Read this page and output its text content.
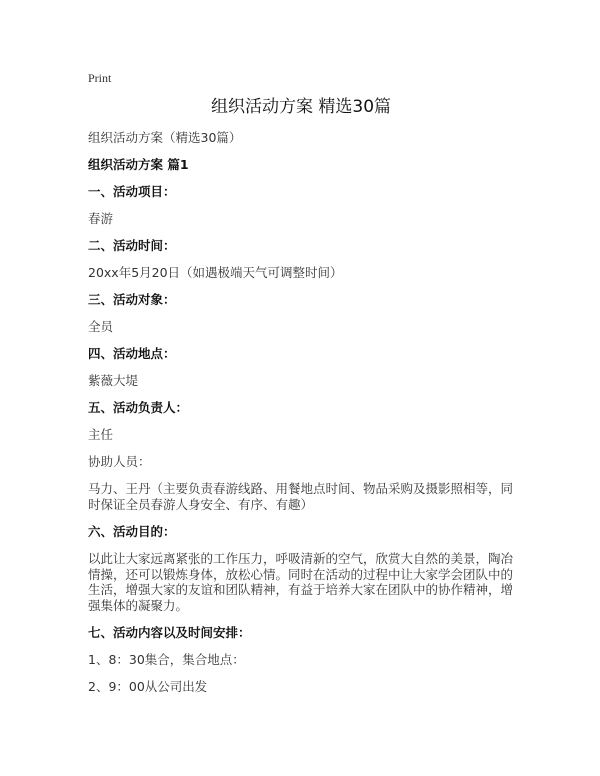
Print
组织活动方案 精选30篇
组织活动方案（精选30篇）
组织活动方案 篇1
一、活动项目：
春游
二、活动时间：
20xx年5月20日（如遇极端天气可调整时间）
三、活动对象：
全员
四、活动地点：
紫薇大堤
五、活动负责人：
主任
协助人员：
马力、王丹（主要负责春游线路、用餐地点时间、物品采购及摄影照相等，同时保证全员春游人身安全、有序、有趣）
六、活动目的：
以此让大家远离紧张的工作压力，呼吸清新的空气，欣赏大自然的美景，陶冶情操，还可以锻炼身体，放松心情。同时在活动的过程中让大家学会团队中的生活，增强大家的友谊和团队精神，有益于培养大家在团队中的协作精神，增强集体的凝聚力。
七、活动内容以及时间安排：
1、8：30集合，集合地点：
2、9：00从公司出发
